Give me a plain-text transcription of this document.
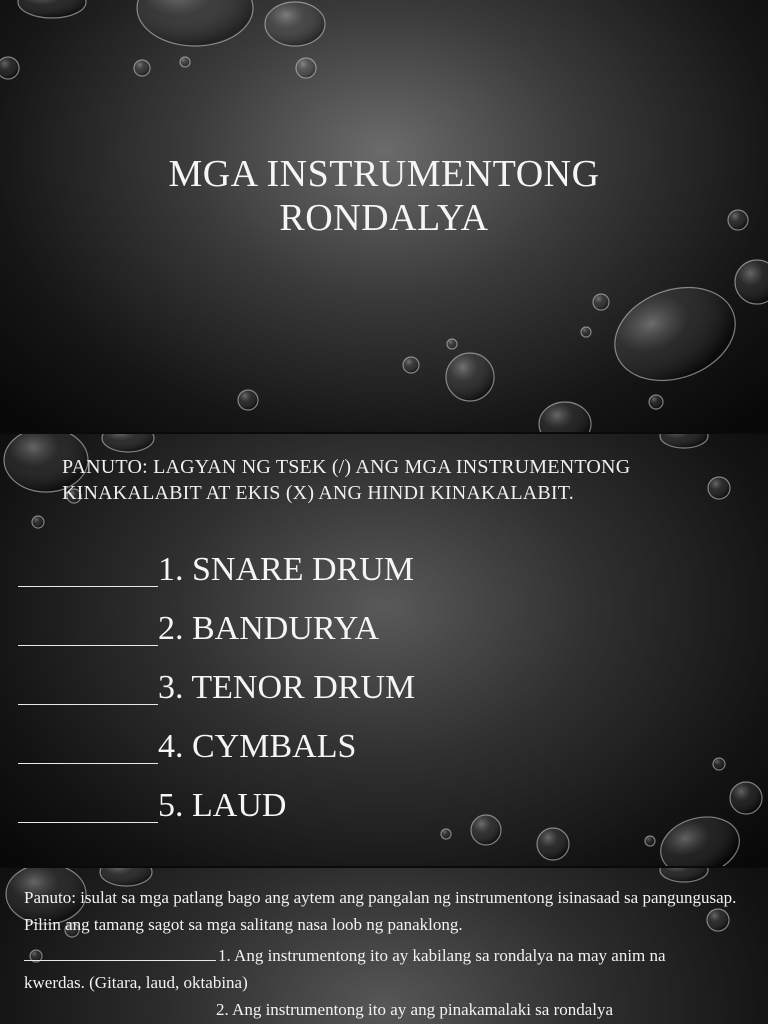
MGA INSTRUMENTONG
RONDALYA
PANUTO: LAGYAN NG TSEK (/) ANG MGA INSTRUMENTONG
KINAKALABIT AT EKIS (X) ANG HINDI KINAKALABIT.
1. SNARE DRUM
2. BANDURYA
3. TENOR DRUM
4. CYMBALS
5. LAUD

Panuto: isulat sa mga patlang bago ang aytem ang pangalan ng instrumentong isinasaad sa pangungusap. Piliin ang tamang sagot sa mga salitang nasa loob ng panaklong.

1. Ang instrumentong ito ay kabilang sa rondalya na may anim na
kwerdas. (Gitara, laud, oktabina)
2. Ang instrumentong ito ay ang pinakamalaki sa rondalya
